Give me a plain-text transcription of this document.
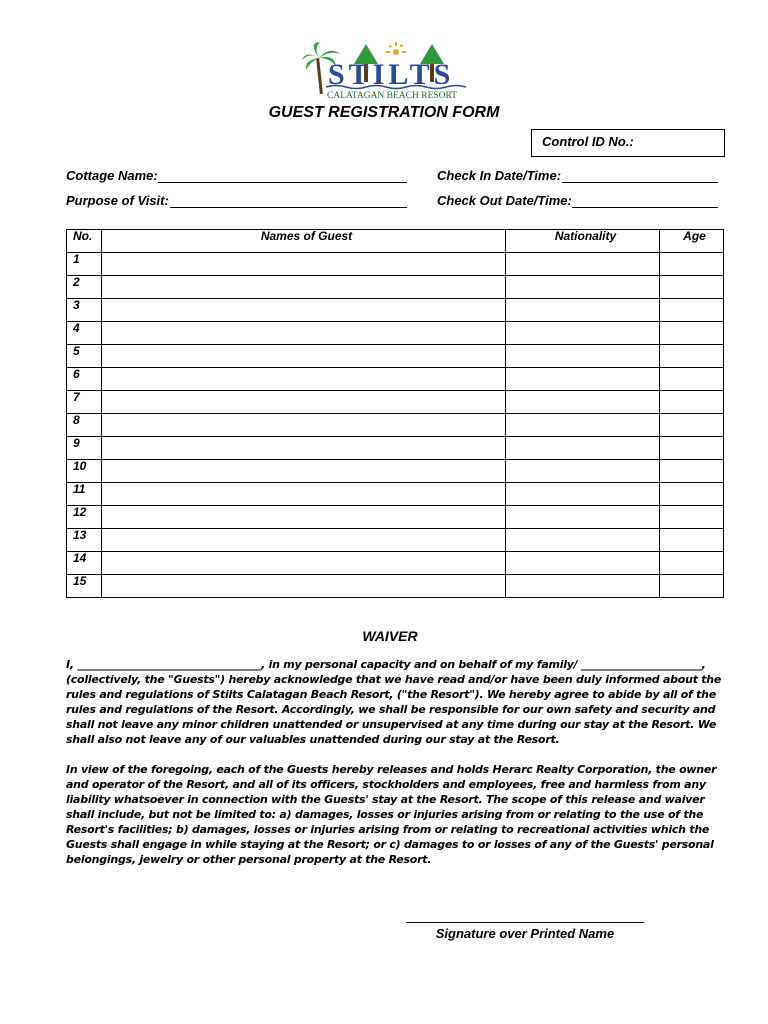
STILTS
CALATAGAN BEACH RESORT
GUEST REGISTRATION FORM
Control ID No.:
Cottage Name:	Check In Date/Time:
Purpose of Visit:	Check Out Date/Time:
No.	Names of Guest	Nationality	Age
1			
2			
3			
4			
5			
6			
7			
8			
9			
10			
11			
12			
13			
14			
15			
WAIVER
I, ___________________________________, in my personal capacity and on behalf of my family/ _______________________, (collectively, the "Guests") hereby acknowledge that we have read and/or have been duly informed about the rules and regulations of Stilts Calatagan Beach Resort, ("the Resort"). We hereby agree to abide by all of the rules and regulations of the Resort. Accordingly, we shall be responsible for our own safety and security and shall not leave any minor children unattended or unsupervised at any time during our stay at the Resort. We shall also not leave any of our valuables unattended during our stay at the Resort.
In view of the foregoing, each of the Guests hereby releases and holds Herarc Realty Corporation, the owner and operator of the Resort, and all of its officers, stockholders and employees, free and harmless from any liability whatsoever in connection with the Guests' stay at the Resort. The scope of this release and waiver shall include, but not be limited to: a) damages, losses or injuries arising from or relating to the use of the Resort's facilities; b) damages, losses or injuries arising from or relating to recreational activities which the Guests shall engage in while staying at the Resort; or c) damages to or losses of any of the Guests' personal belongings, jewelry or other personal property at the Resort.
Signature over Printed Name
